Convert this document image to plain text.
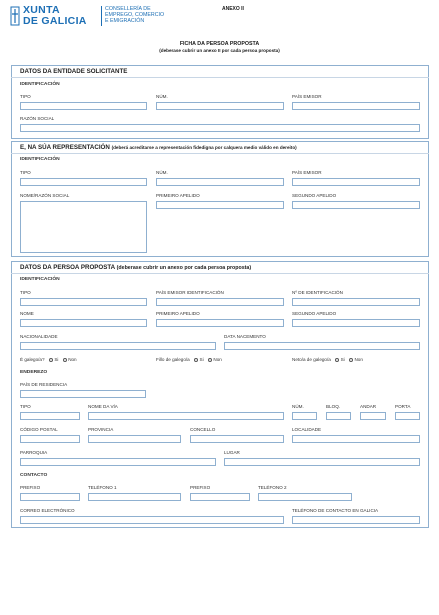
XUNTA
DE GALICIA
CONSELLERÍA DE
EMPREGO, COMERCIO
E EMIGRACIÓN
ANEXO II
FICHA DA PERSOA PROPOSTA
(deberase cubrir un anexo II por cada persoa proposta)
DATOS DA ENTIDADE SOLICITANTE
IDENTIFICACIÓN
TIPO	NÚM.	PAÍS EMISOR
RAZÓN SOCIAL
E, NA SÚA REPRESENTACIÓN (deberá acreditarse a representación fidedigna por calquera medio válido en dereito)
IDENTIFICACIÓN
TIPO	NÚM.	PAÍS EMISOR
NOME/RAZÓN SOCIAL	PRIMEIRO APELIDO	SEGUNDO APELIDO
DATOS DA PERSOA PROPOSTA (deberase cubrir un anexo por cada persoa proposta)
IDENTIFICACIÓN
TIPO	PAÍS EMISOR IDENTIFICACIÓN	Nº DE IDENTIFICACIÓN
NOME	PRIMEIRO APELIDO	SEGUNDO APELIDO
NACIONALIDADE	DATA NACEMENTO
É galego/a? Si Non	Fillo de galego/a Si Non	Neto/a de galego/a Si Non
ENDEREZO
PAÍS DE RESIDENCIA
TIPO	NOME DA VÍA	NÚM.	BLOQ.	ANDAR	PORTA
CÓDIGO POSTAL	PROVINCIA	CONCELLO	LOCALIDADE
PARROQUIA	LUGAR
CONTACTO
PREFIXO	TELÉFONO 1	PREFIXO	TELÉFONO 2
CORREO ELECTRÓNICO	TELÉFONO DE CONTACTO EN GALICIA
